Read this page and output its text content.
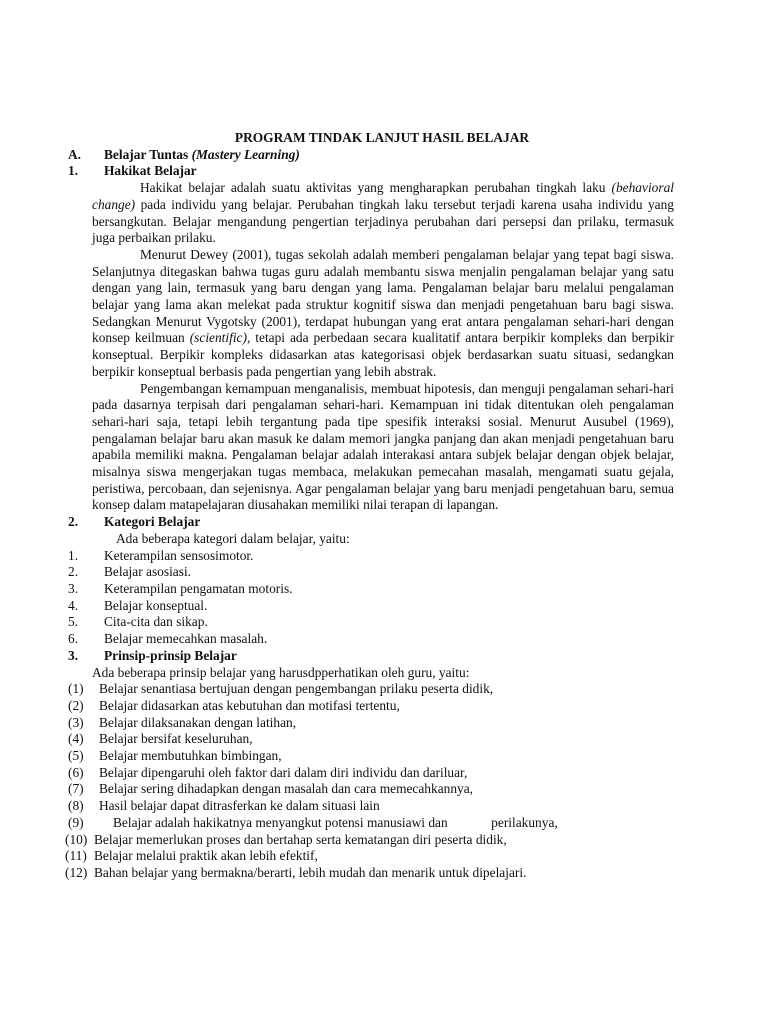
PROGRAM TINDAK LANJUT HASIL BELAJAR
A.	Belajar Tuntas (Mastery Learning)
1.	Hakikat Belajar
Hakikat belajar adalah suatu aktivitas yang mengharapkan perubahan tingkah laku (behavioral change) pada individu yang belajar. Perubahan tingkah laku tersebut terjadi karena usaha individu yang bersangkutan. Belajar mengandung pengertian terjadinya perubahan dari persepsi dan prilaku, termasuk juga perbaikan prilaku.
Menurut Dewey (2001), tugas sekolah adalah memberi pengalaman belajar yang tepat bagi siswa. Selanjutnya ditegaskan bahwa tugas guru adalah membantu siswa menjalin pengalaman belajar yang satu dengan yang lain, termasuk yang baru dengan yang lama. Pengalaman belajar baru melalui pengalaman belajar yang lama akan melekat pada struktur kognitif siswa dan menjadi pengetahuan baru bagi siswa. Sedangkan Menurut Vygotsky (2001), terdapat hubungan yang erat antara pengalaman sehari-hari dengan konsep keilmuan (scientific), tetapi ada perbedaan secara kualitatif antara berpikir kompleks dan berpikir konseptual. Berpikir kompleks didasarkan atas kategorisasi objek berdasarkan suatu situasi, sedangkan berpikir konseptual berbasis pada pengertian yang lebih abstrak.
Pengembangan kemampuan menganalisis, membuat hipotesis, dan menguji pengalaman sehari-hari pada dasarnya terpisah dari pengalaman sehari-hari. Kemampuan ini tidak ditentukan oleh pengalaman sehari-hari saja, tetapi lebih tergantung pada tipe spesifik interaksi sosial. Menurut Ausubel (1969), pengalaman belajar baru akan masuk ke dalam memori jangka panjang dan akan menjadi pengetahuan baru apabila memiliki makna. Pengalaman belajar adalah interakasi antara subjek belajar dengan objek belajar, misalnya siswa mengerjakan tugas membaca, melakukan pemecahan masalah, mengamati suatu gejala, peristiwa, percobaan, dan sejenisnya. Agar pengalaman belajar yang baru menjadi pengetahuan baru, semua konsep dalam matapelajaran diusahakan memiliki nilai terapan di lapangan.
2.	Kategori Belajar
Ada beberapa kategori dalam belajar, yaitu:
1.	Keterampilan sensosimotor.
2.	Belajar asosiasi.
3.	Keterampilan pengamatan motoris.
4.	Belajar konseptual.
5.	Cita-cita dan sikap.
6.	Belajar memecahkan masalah.
3.	Prinsip-prinsip Belajar
Ada beberapa prinsip belajar yang harusdpperhatikan oleh guru, yaitu:
(1)	Belajar senantiasa bertujuan dengan pengembangan prilaku peserta didik,
(2)	Belajar didasarkan atas kebutuhan dan motifasi tertentu,
(3)	Belajar dilaksanakan dengan latihan,
(4)	Belajar bersifat keseluruhan,
(5)	Belajar membutuhkan bimbingan,
(6)	Belajar dipengaruhi oleh faktor dari dalam diri individu dan dariluar,
(7)	Belajar sering dihadapkan dengan masalah dan cara memecahkannya,
(8)	Hasil belajar dapat ditrasferkan ke dalam situasi lain
(9)	Belajar adalah hakikatnya menyangkut potensi manusiawi dan             perilakunya,
(10) Belajar memerlukan proses dan bertahap serta kematangan diri peserta didik,
(11) Belajar melalui praktik akan lebih efektif,
(12) Bahan belajar yang bermakna/berarti, lebih mudah dan menarik untuk dipelajari.
